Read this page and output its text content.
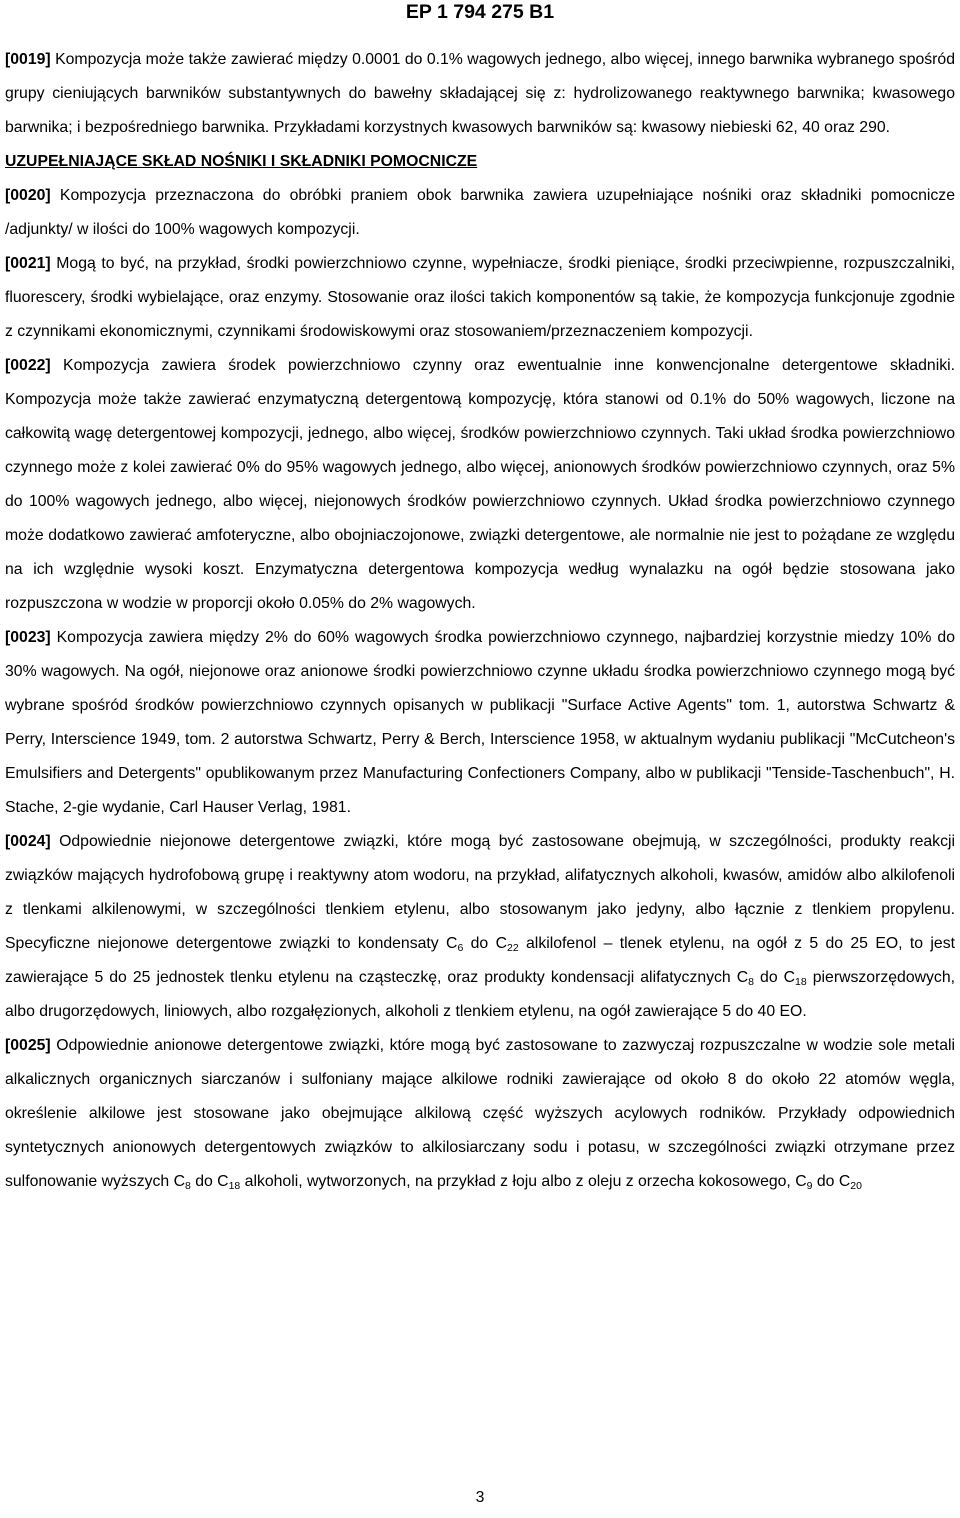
EP 1 794 275 B1

[0019] Kompozycja może także zawierać między 0.0001 do 0.1% wagowych jednego, albo więcej, innego barwnika wybranego spośród grupy cieniujących barwników substantywnych do bawełny składającej się z: hydrolizowanego reaktywnego barwnika; kwasowego barwnika; i bezpośredniego barwnika. Przykładami korzystnych kwasowych barwników są: kwasowy niebieski 62, 40 oraz 290.

UZUPEŁNIAJĄCE SKŁAD NOŚNIKI I SKŁADNIKI POMOCNICZE

[0020] Kompozycja przeznaczona do obróbki praniem obok barwnika zawiera uzupełniające nośniki oraz składniki pomocnicze /adjunkty/ w ilości do 100% wagowych kompozycji.

[0021] Mogą to być, na przykład, środki powierzchniowo czynne, wypełniacze, środki pieniące, środki przeciwpienne, rozpuszczalniki, fluorescery, środki wybielające, oraz enzymy. Stosowanie oraz ilości takich komponentów są takie, że kompozycja funkcjonuje zgodnie z czynnikami ekonomicznymi, czynnikami środowiskowymi oraz stosowaniem/przeznaczeniem kompozycji.

[0022] Kompozycja zawiera środek powierzchniowo czynny oraz ewentualnie inne konwencjonalne detergentowe składniki. Kompozycja może także zawierać enzymatyczną detergentową kompozycję, która stanowi od 0.1% do 50% wagowych, liczone na całkowitą wagę detergentowej kompozycji, jednego, albo więcej, środków powierzchniowo czynnych. Taki układ środka powierzchniowo czynnego może z kolei zawierać 0% do 95% wagowych jednego, albo więcej, anionowych środków powierzchniowo czynnych, oraz 5% do 100% wagowych jednego, albo więcej, niejonowych środków powierzchniowo czynnych. Układ środka powierzchniowo czynnego może dodatkowo zawierać amfoteryczne, albo obojniaczojonowe, związki detergentowe, ale normalnie nie jest to pożądane ze względu na ich względnie wysoki koszt. Enzymatyczna detergentowa kompozycja według wynalazku na ogół będzie stosowana jako rozpuszczona w wodzie w proporcji około 0.05% do 2% wagowych.

[0023] Kompozycja zawiera między 2% do 60% wagowych środka powierzchniowo czynnego, najbardziej korzystnie miedzy 10% do 30% wagowych. Na ogół, niejonowe oraz anionowe środki powierzchniowo czynne układu środka powierzchniowo czynnego mogą być wybrane spośród środków powierzchniowo czynnych opisanych w publikacji "Surface Active Agents" tom. 1, autorstwa Schwartz & Perry, Interscience 1949, tom. 2 autorstwa Schwartz, Perry & Berch, Interscience 1958, w aktualnym wydaniu publikacji "McCutcheon's Emulsifiers and Detergents" opublikowanym przez Manufacturing Confectioners Company, albo w publikacji "Tenside-Taschenbuch", H. Stache, 2-gie wydanie, Carl Hauser Verlag, 1981.

[0024] Odpowiednie niejonowe detergentowe związki, które mogą być zastosowane obejmują, w szczególności, produkty reakcji związków mających hydrofobową grupę i reaktywny atom wodoru, na przykład, alifatycznych alkoholi, kwasów, amidów albo alkilofenoli z tlenkami alkilenowymi, w szczególności tlenkiem etylenu, albo stosowanym jako jedyny, albo łącznie z tlenkiem propylenu. Specyficzne niejonowe detergentowe związki to kondensaty $C_6$ do $C_{22}$ alkilofenol – tlenek etylenu, na ogół z 5 do 25 EO, to jest zawierające 5 do 25 jednostek tlenku etylenu na cząsteczkę, oraz produkty kondensacji alifatycznych $C_8$ do $C_{18}$ pierwszorzędowych, albo drugorzędowych, liniowych, albo rozgałęzionych, alkoholi z tlenkiem etylenu, na ogół zawierające 5 do 40 EO.

[0025] Odpowiednie anionowe detergentowe związki, które mogą być zastosowane to zazwyczaj rozpuszczalne w wodzie sole metali alkalicznych organicznych siarczanów i sulfoniany mające alkilowe rodniki zawierające od około 8 do około 22 atomów węgla, określenie alkilowe jest stosowane jako obejmujące alkilową część wyższych acylowych rodników. Przykłady odpowiednich syntetycznych anionowych detergentowych związków to alkilosiarczany sodu i potasu, w szczególności związki otrzymane przez sulfonowanie wyższych $C_8$ do $C_{18}$ alkoholi, wytworzonych, na przykład z łoju albo z oleju z orzecha kokosowego, $C_9$ do $C_{20}$

3
